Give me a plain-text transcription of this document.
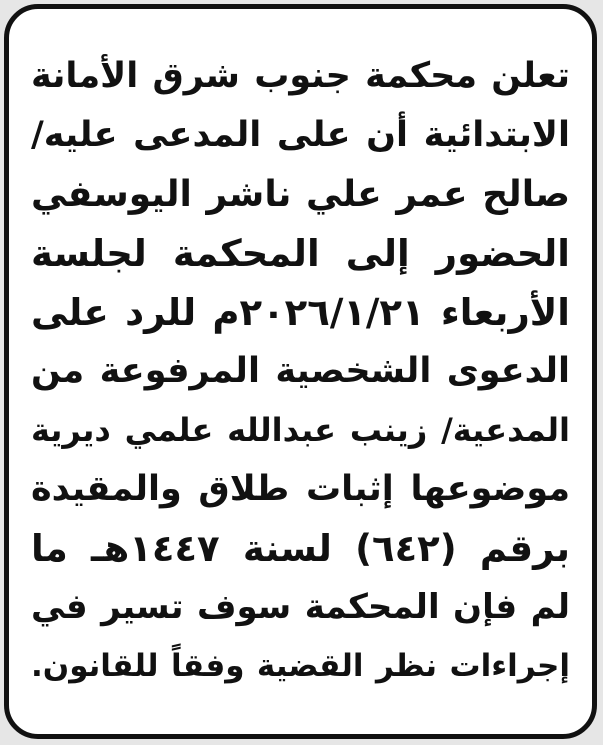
تعلن محكمة جنوب شرق الأمانة
الابتدائية أن على المدعى عليه/
صالح عمر علي ناشر اليوسفي
الحضور إلى المحكمة لجلسة
الأربعاء ٢٠٢٦/١/٢١م للرد على
الدعوى الشخصية المرفوعة من
المدعية/ زينب عبدالله علمي ديرية
موضوعها إثبات طلاق والمقيدة
برقم (٦٤٢) لسنة ١٤٤٧هـ ما
لم فإن المحكمة سوف تسير في
إجراءات نظر القضية وفقاً للقانون.
